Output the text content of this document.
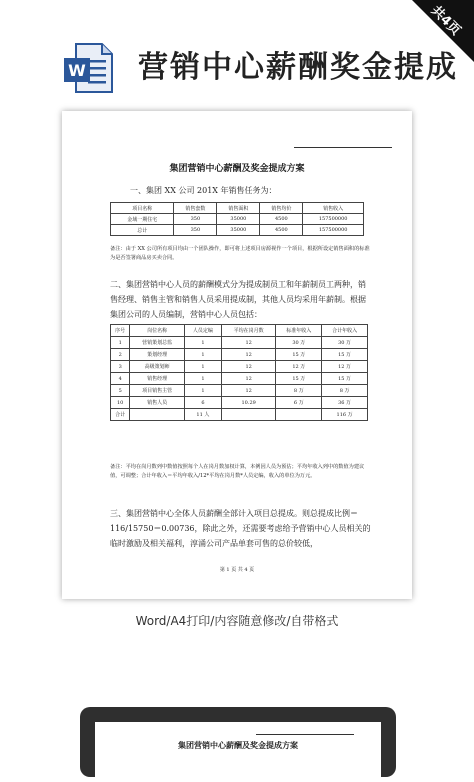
共4页
W 营销中心薪酬奖金提成
集团营销中心薪酬及奖金提成方案
一、集团 XX 公司 201X 年销售任务为：
项目名称	销售套数	销售面积	销售均价	销售收入
金域一期住宅	350	35000	4500	157500000
总计	350	35000	4500	157500000
备注：由于 XX 公司所有项目均由一个团队操作，即可将上述项目房源视作一个项目，根据所设定销售面积的标准为是否签署商品房买卖合同。
二、集团营销中心人员的薪酬模式分为提成制员工和年薪制员工两种，销售经理、销售主管和销售人员采用提成制，其他人员均采用年薪制。根据集团公司的人员编制，营销中心人员包括：
序号	岗位名称	人员定编	平均在岗月数	标准年收入	合计年收入
1	营销策划总监	1	12	30 万	30 万
2	策划经理	1	12	15 万	15 万
3	高级策划师	1	12	12 万	12 万
4	销售经理	1	12	15 万	15 万
5	项目销售主管	1	12	8 万	8 万
10	销售人员	6	10.29	6 万	36 万
合计		11 人			116 万
备注：平均在岗月数列中数值按照每个人在岗月数加权计算，本例因人员为预估；平均年收入列中的数值为建议值，可调整；合计年收入＝平均年收入/12*平均在岗月数*人员定编，收入的单位为万元。
三、集团营销中心全体人员薪酬全部计入项目总提成。则总提成比例＝116/15750＝0.00736，除此之外，还需要考虑给予营销中心人员相关的临时激励及相关福利，淳涌公司产品单套可售的总价较低，
第 1 页 共 4 页
Word/A4打印/内容随意修改/自带格式
集团营销中心薪酬及奖金提成方案
